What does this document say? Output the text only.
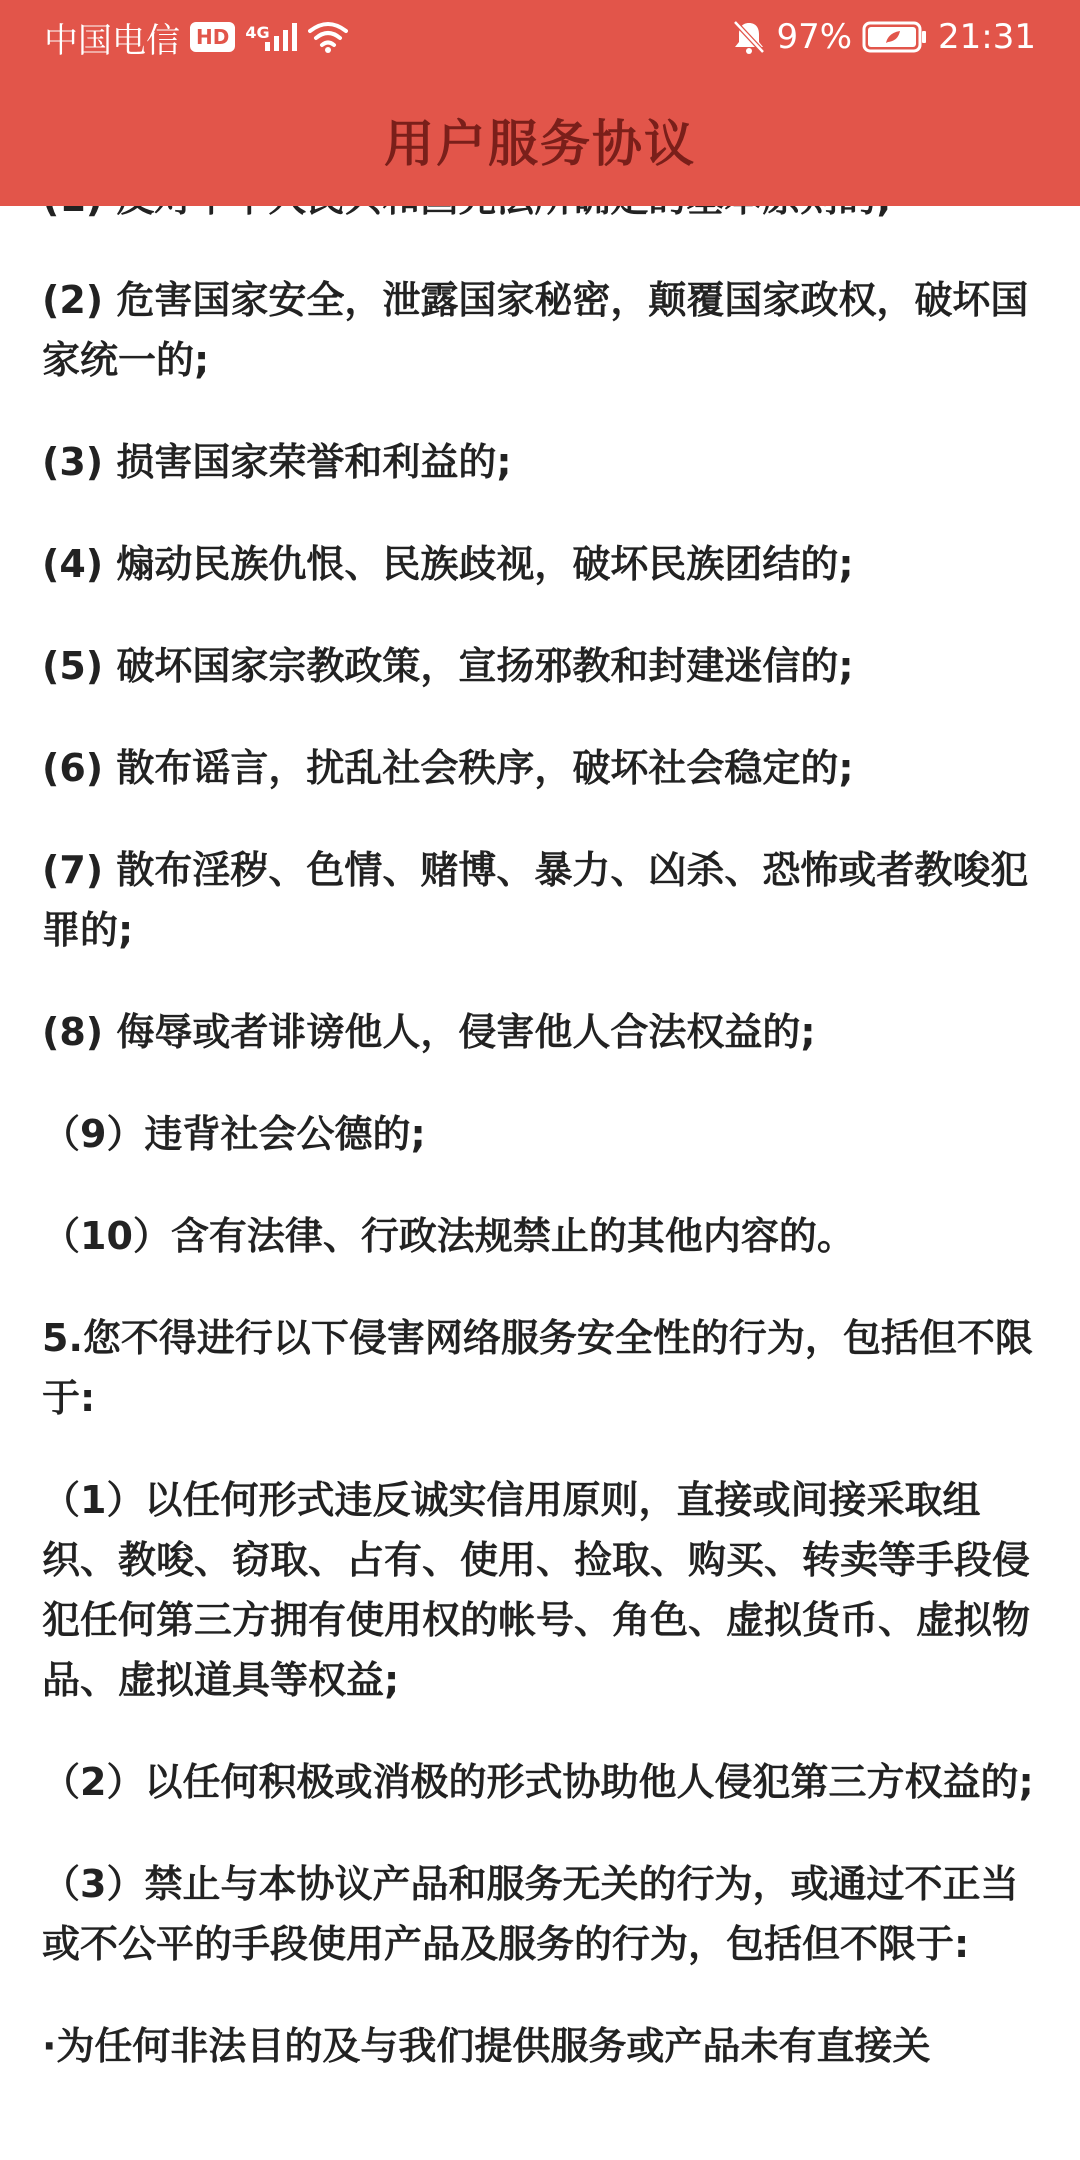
中国电信 HD	4G	97%	21:31
用户服务协议

(2) 危害国家安全，泄露国家秘密，颠覆国家政权，破坏国家统一的;

(3) 损害国家荣誉和利益的;

(4) 煽动民族仇恨、民族歧视，破坏民族团结的;

(5) 破坏国家宗教政策，宣扬邪教和封建迷信的;

(6) 散布谣言，扰乱社会秩序，破坏社会稳定的;

(7) 散布淫秽、色情、赌博、暴力、凶杀、恐怖或者教唆犯罪的;

(8) 侮辱或者诽谤他人，侵害他人合法权益的;

（9）违背社会公德的;

（10）含有法律、行政法规禁止的其他内容的。

5.您不得进行以下侵害网络服务安全性的行为，包括但不限于:

（1）以任何形式违反诚实信用原则，直接或间接采取组织、教唆、窃取、占有、使用、捡取、购买、转卖等手段侵犯任何第三方拥有使用权的帐号、角色、虚拟货币、虚拟物品、虚拟道具等权益;

（2）以任何积极或消极的形式协助他人侵犯第三方权益的;

（3）禁止与本协议产品和服务无关的行为，或通过不正当或不公平的手段使用产品及服务的行为，包括但不限于:

·为任何非法目的及与我们提供服务或产品未有直接关
